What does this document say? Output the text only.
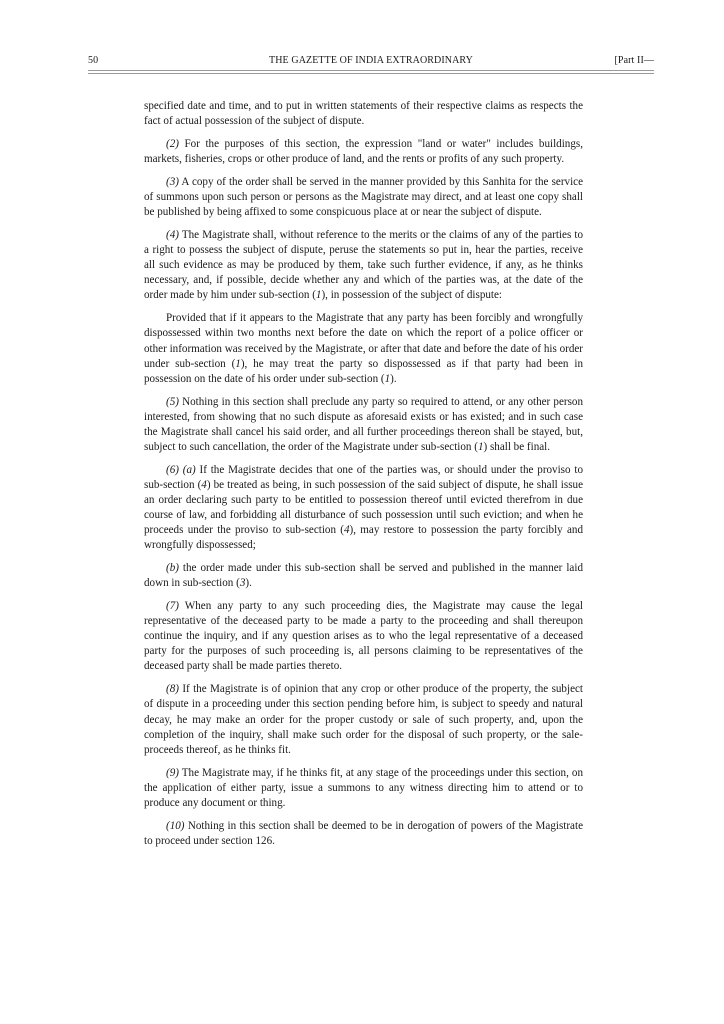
50	THE GAZETTE OF INDIA EXTRAORDINARY	[Part II—

specified date and time, and to put in written statements of their respective claims as respects the fact of actual possession of the subject of dispute.

(2) For the purposes of this section, the expression "land or water" includes buildings, markets, fisheries, crops or other produce of land, and the rents or profits of any such property.

(3) A copy of the order shall be served in the manner provided by this Sanhita for the service of summons upon such person or persons as the Magistrate may direct, and at least one copy shall be published by being affixed to some conspicuous place at or near the subject of dispute.

(4) The Magistrate shall, without reference to the merits or the claims of any of the parties to a right to possess the subject of dispute, peruse the statements so put in, hear the parties, receive all such evidence as may be produced by them, take such further evidence, if any, as he thinks necessary, and, if possible, decide whether any and which of the parties was, at the date of the order made by him under sub-section (1), in possession of the subject of dispute:

Provided that if it appears to the Magistrate that any party has been forcibly and wrongfully dispossessed within two months next before the date on which the report of a police officer or other information was received by the Magistrate, or after that date and before the date of his order under sub-section (1), he may treat the party so dispossessed as if that party had been in possession on the date of his order under sub-section (1).

(5) Nothing in this section shall preclude any party so required to attend, or any other person interested, from showing that no such dispute as aforesaid exists or has existed; and in such case the Magistrate shall cancel his said order, and all further proceedings thereon shall be stayed, but, subject to such cancellation, the order of the Magistrate under sub-section (1) shall be final.

(6) (a) If the Magistrate decides that one of the parties was, or should under the proviso to sub-section (4) be treated as being, in such possession of the said subject of dispute, he shall issue an order declaring such party to be entitled to possession thereof until evicted therefrom in due course of law, and forbidding all disturbance of such possession until such eviction; and when he proceeds under the proviso to sub-section (4), may restore to possession the party forcibly and wrongfully dispossessed;

(b) the order made under this sub-section shall be served and published in the manner laid down in sub-section (3).

(7) When any party to any such proceeding dies, the Magistrate may cause the legal representative of the deceased party to be made a party to the proceeding and shall thereupon continue the inquiry, and if any question arises as to who the legal representative of a deceased party for the purposes of such proceeding is, all persons claiming to be representatives of the deceased party shall be made parties thereto.

(8) If the Magistrate is of opinion that any crop or other produce of the property, the subject of dispute in a proceeding under this section pending before him, is subject to speedy and natural decay, he may make an order for the proper custody or sale of such property, and, upon the completion of the inquiry, shall make such order for the disposal of such property, or the sale-proceeds thereof, as he thinks fit.

(9) The Magistrate may, if he thinks fit, at any stage of the proceedings under this section, on the application of either party, issue a summons to any witness directing him to attend or to produce any document or thing.

(10) Nothing in this section shall be deemed to be in derogation of powers of the Magistrate to proceed under section 126.
